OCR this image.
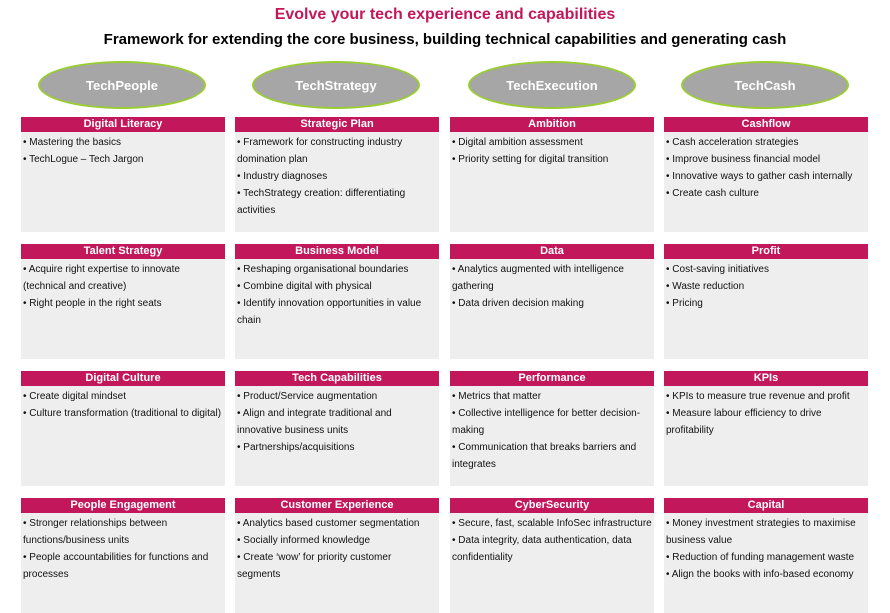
Evolve your tech experience and capabilities
Framework for extending the core business, building technical capabilities and generating cash
TechPeople
Digital Literacy
• Mastering the basics
• TechLogue – Tech Jargon
Talent Strategy
• Acquire right expertise to innovate (technical and creative)
• Right people in the right seats
Digital Culture
• Create digital mindset
• Culture transformation (traditional to digital)
People Engagement
• Stronger relationships between functions/business units
• People accountabilities for functions and processes
TechStrategy
Strategic Plan
• Framework for constructing industry domination plan
• Industry diagnoses
• TechStrategy creation: differentiating activities
Business Model
• Reshaping organisational boundaries
• Combine digital with physical
• Identify innovation opportunities in value chain
Tech Capabilities
• Product/Service augmentation
• Align and integrate traditional and innovative business units
• Partnerships/acquisitions
Customer Experience
• Analytics based customer segmentation
• Socially informed knowledge
• Create ‘wow’ for priority customer segments
TechExecution
Ambition
• Digital ambition assessment
• Priority setting for digital transition
Data
• Analytics augmented with intelligence gathering
• Data driven decision making
Performance
• Metrics that matter
• Collective intelligence for better decision-making
• Communication that breaks barriers and integrates
CyberSecurity
• Secure, fast, scalable InfoSec infrastructure
• Data integrity, data authentication, data confidentiality
TechCash
Cashflow
• Cash acceleration strategies
• Improve business financial model
• Innovative ways to gather cash internally
• Create cash culture
Profit
• Cost-saving initiatives
• Waste reduction
• Pricing
KPIs
• KPIs to measure true revenue and profit
• Measure labour efficiency to drive profitability
Capital
• Money investment strategies to maximise business value
• Reduction of funding management waste
• Align the books with info-based economy
